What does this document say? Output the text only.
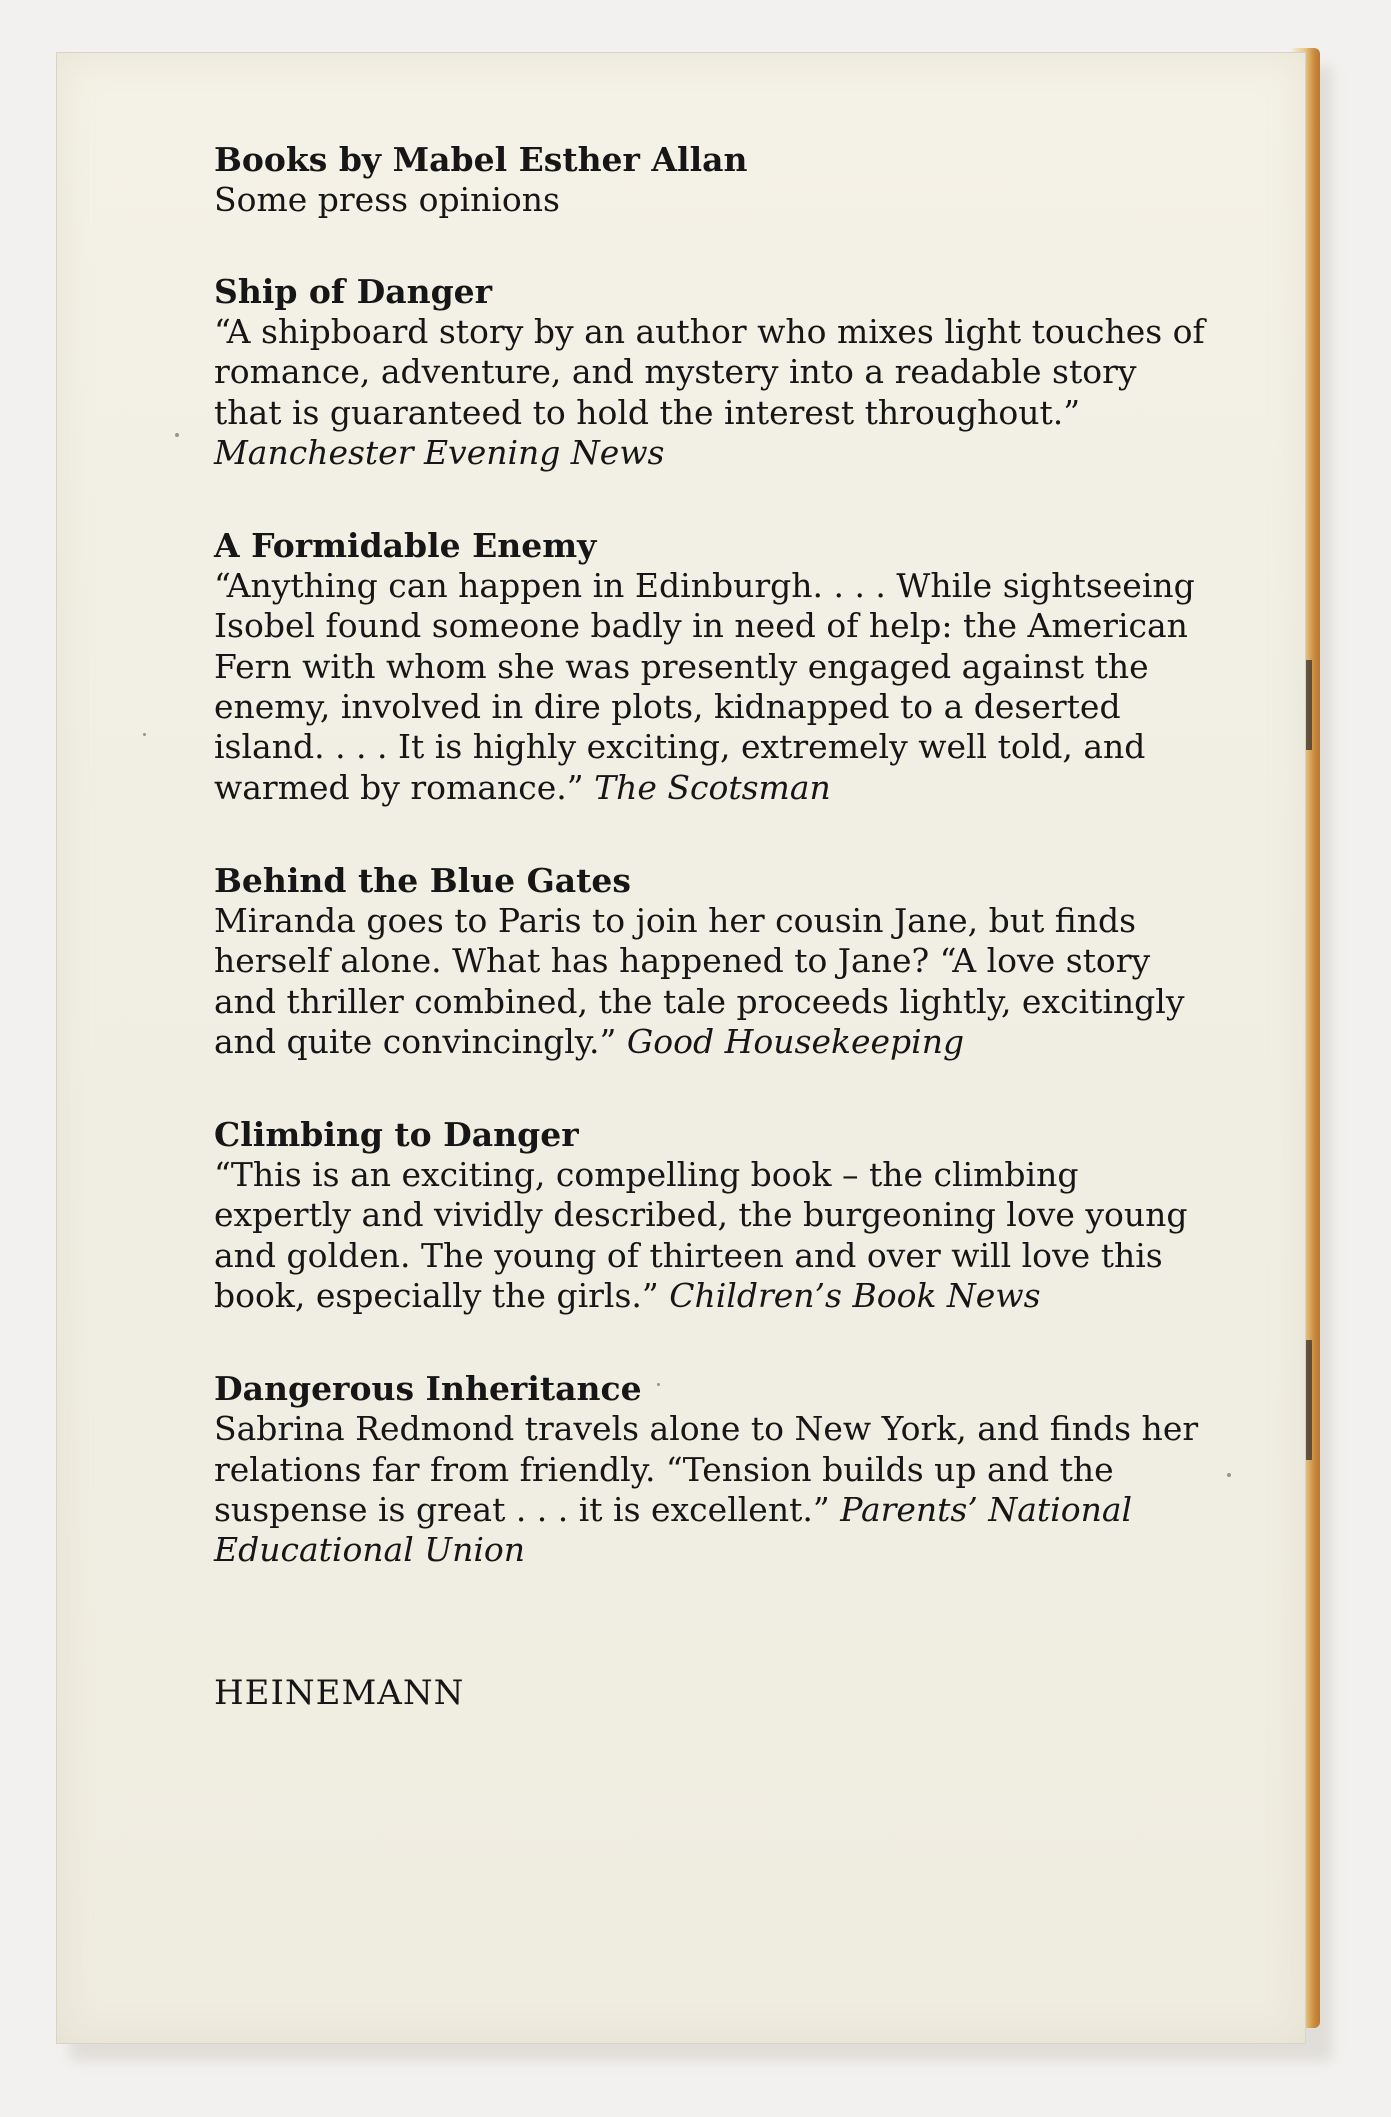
Books by Mabel Esther Allan
Some press opinions
Ship of Danger
“A shipboard story by an author who mixes light touches of romance, adventure, and mystery into a readable story that is guaranteed to hold the interest throughout.” Manchester Evening News
A Formidable Enemy
“Anything can happen in Edinburgh. . . . While sightseeing Isobel found someone badly in need of help: the American Fern with whom she was presently engaged against the enemy, involved in dire plots, kidnapped to a deserted island. . . . It is highly exciting, extremely well told, and warmed by romance.” The Scotsman
Behind the Blue Gates
Miranda goes to Paris to join her cousin Jane, but finds herself alone. What has happened to Jane? “A love story and thriller combined, the tale proceeds lightly, excitingly and quite convincingly.” Good Housekeeping
Climbing to Danger
“This is an exciting, compelling book – the climbing expertly and vividly described, the burgeoning love young and golden. The young of thirteen and over will love this book, especially the girls.” Children’s Book News
Dangerous Inheritance
Sabrina Redmond travels alone to New York, and finds her relations far from friendly. “Tension builds up and the suspense is great . . . it is excellent.” Parents’ National Educational Union
HEINEMANN
